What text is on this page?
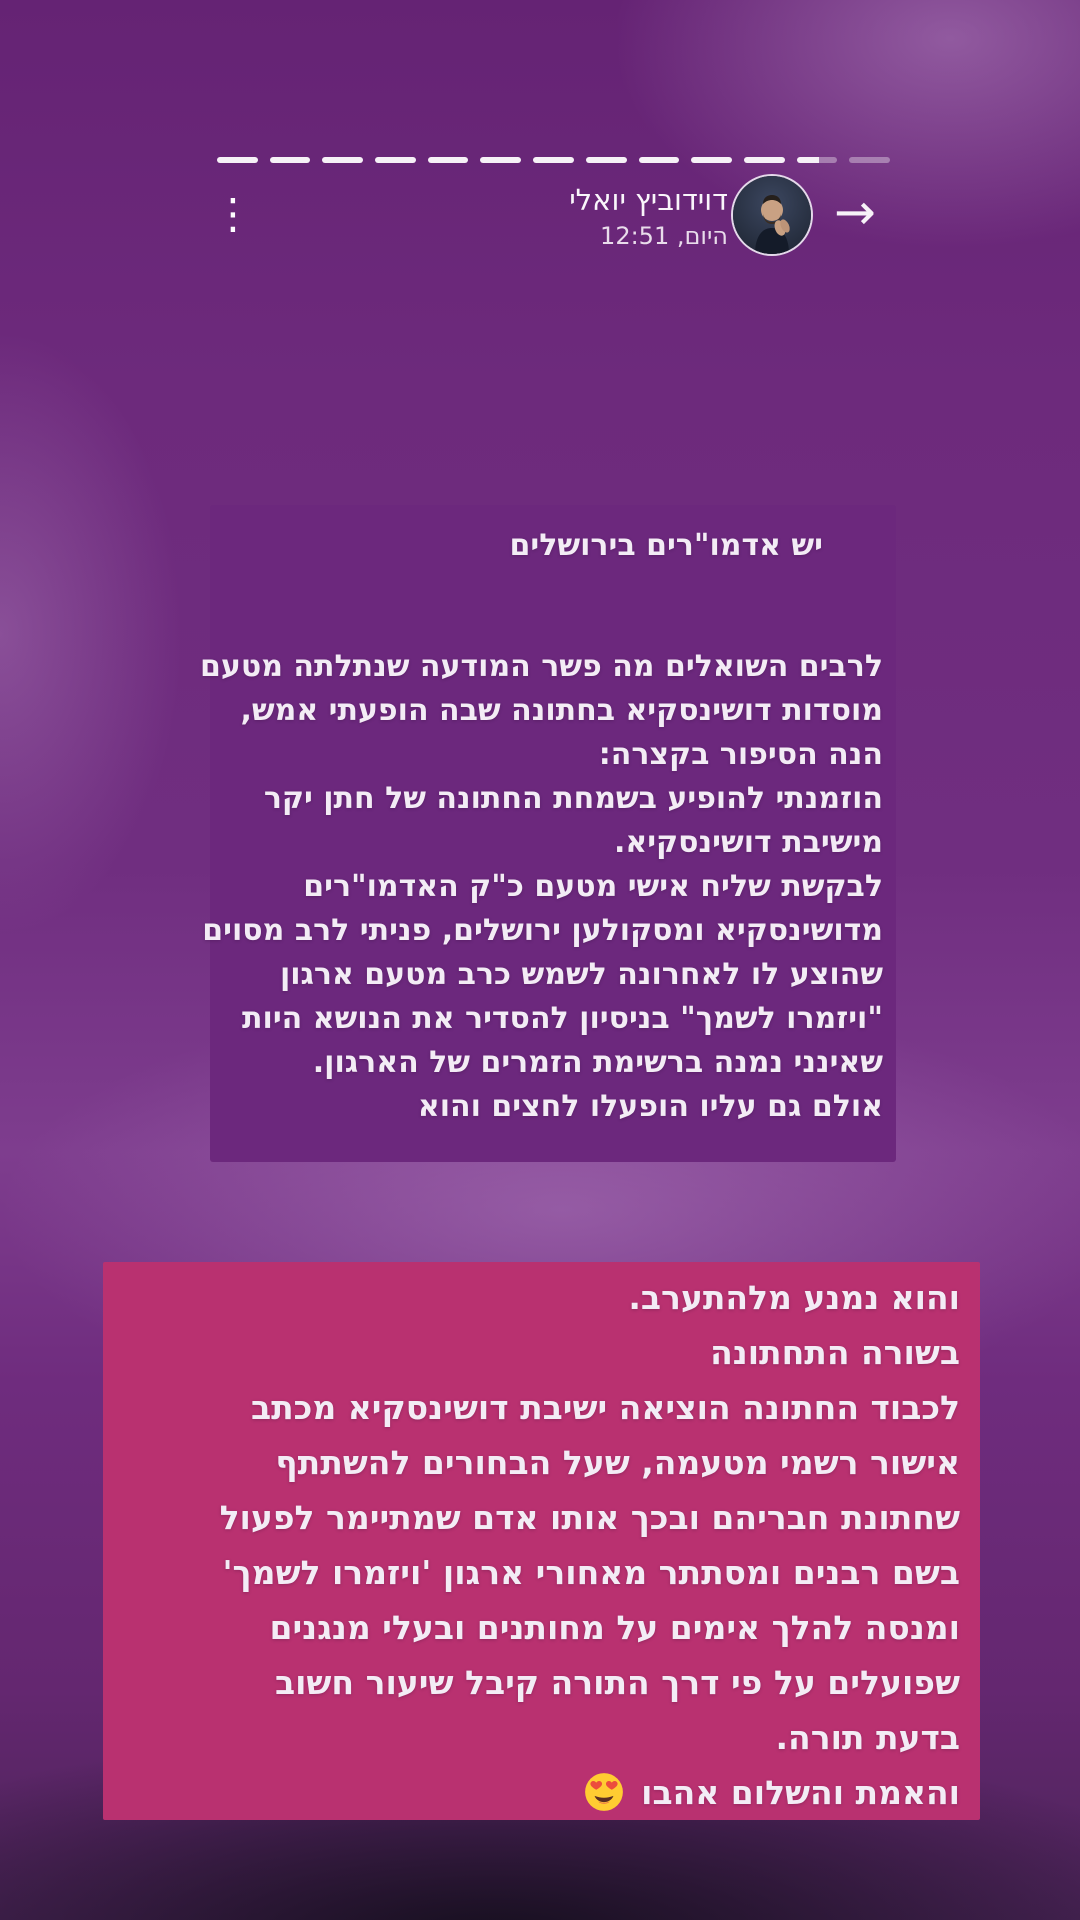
⋮	דוידוביץ יואלי
היום, 12:51 →
יש אדמו"רים בירושלים
לרבים השואלים מה פשר המודעה שנתלתה מטעם
מוסדות דושינסקיא בחתונה שבה הופעתי אמש,
הנה הסיפור בקצרה:
הוזמנתי להופיע בשמחת החתונה של חתן יקר
מישיבת דושינסקיא.
לבקשת שליח אישי מטעם כ"ק האדמו"רים
מדושינסקיא ומסקולען ירושלים, פניתי לרב מסוים
שהוצע לו לאחרונה לשמש כרב מטעם ארגון
"ויזמרו לשמך" בניסיון להסדיר את הנושא היות
שאינני נמנה ברשימת הזמרים של הארגון.
אולם גם עליו הופעלו לחצים והוא
והוא נמנע מלהתערב.
בשורה התחתונה
לכבוד החתונה הוציאה ישיבת דושינסקיא מכתב
אישור רשמי מטעמה, שעל הבחורים להשתתף
שחתונת חבריהם ובכך אותו אדם שמתיימר לפעול
בשם רבנים ומסתתר מאחורי ארגון 'ויזמרו לשמך'
ומנסה להלך אימים על מחותנים ובעלי מנגנים
שפועלים על פי דרך התורה קיבל שיעור חשוב
בדעת תורה.
והאמת והשלום אהבו
